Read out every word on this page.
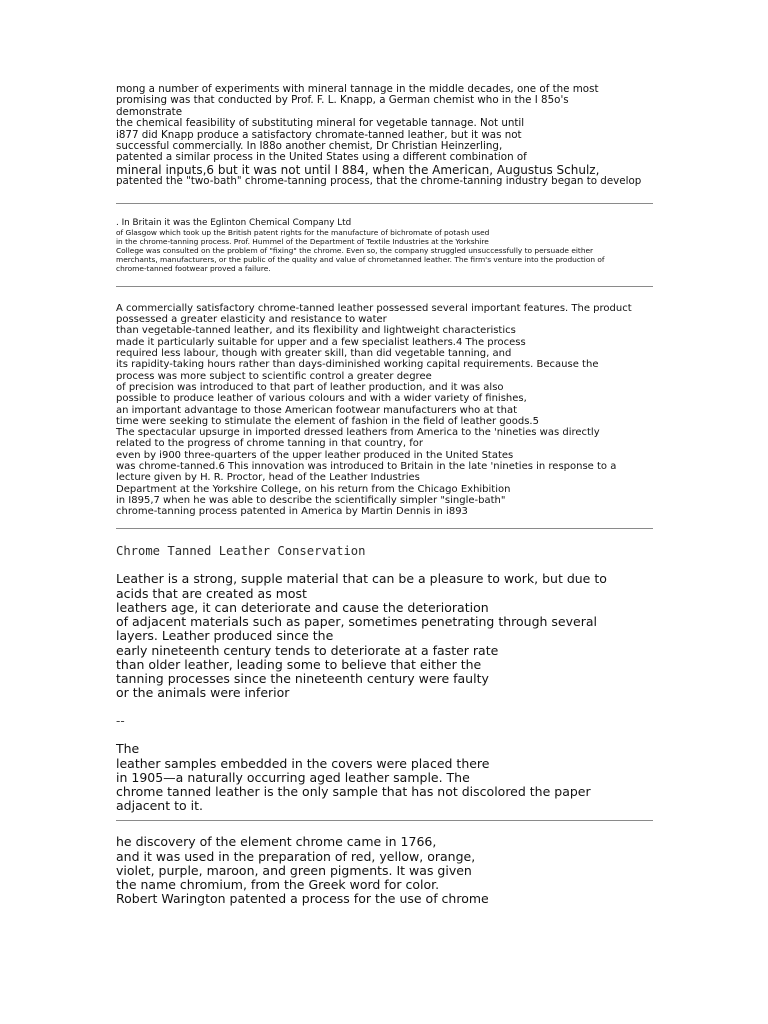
mong a number of experiments with mineral tannage in the middle decades, one of the most
promising was that conducted by Prof. F. L. Knapp, a German chemist who in the I 85o's
demonstrate
the chemical feasibility of substituting mineral for vegetable tannage. Not until
i877 did Knapp produce a satisfactory chromate-tanned leather, but it was not
successful commercially. In I88o another chemist, Dr Christian Heinzerling,
patented a similar process in the United States using a different combination of
mineral inputs,6 but it was not until I 884, when the American, Augustus Schulz,
patented the "two-bath" chrome-tanning process, that the chrome-tanning industry began to develop
. In Britain it was the Eglinton Chemical Company Ltd
of Glasgow which took up the British patent rights for the manufacture of bichromate of potash used
in the chrome-tanning process. Prof. Hummel of the Department of Textile Industries at the Yorkshire
College was consulted on the problem of "fixing" the chrome. Even so, the company struggled unsuccessfully to persuade either
merchants, manufacturers, or the public of the quality and value of chrometanned leather. The firm's venture into the production of
chrome-tanned footwear proved a failure.
A commercially satisfactory chrome-tanned leather possessed several important features. The product
possessed a greater elasticity and resistance to water
than vegetable-tanned leather, and its flexibility and lightweight characteristics
made it particularly suitable for upper and a few specialist leathers.4 The process
required less labour, though with greater skill, than did vegetable tanning, and
its rapidity-taking hours rather than days-diminished working capital requirements. Because the
process was more subject to scientific control a greater degree
of precision was introduced to that part of leather production, and it was also
possible to produce leather of various colours and with a wider variety of finishes,
an important advantage to those American footwear manufacturers who at that
time were seeking to stimulate the element of fashion in the field of leather goods.5
The spectacular upsurge in imported dressed leathers from America to the 'nineties was directly
related to the progress of chrome tanning in that country, for
even by i900 three-quarters of the upper leather produced in the United States
was chrome-tanned.6 This innovation was introduced to Britain in the late 'nineties in response to a
lecture given by H. R. Proctor, head of the Leather Industries
Department at the Yorkshire College, on his return from the Chicago Exhibition
in I895,7 when he was able to describe the scientifically simpler "single-bath"
chrome-tanning process patented in America by Martin Dennis in i893
Chrome Tanned Leather Conservation
Leather is a strong, supple material that can be a pleasure to work, but due to
acids that are created as most
leathers age, it can deteriorate and cause the deterioration
of adjacent materials such as paper, sometimes penetrating through several
layers. Leather produced since the
early nineteenth century tends to deteriorate at a faster rate
than older leather, leading some to believe that either the
tanning processes since the nineteenth century were faulty
or the animals were inferior
--
The
leather samples embedded in the covers were placed there
in 1905—a naturally occurring aged leather sample. The
chrome tanned leather is the only sample that has not discolored the paper
adjacent to it.
he discovery of the element chrome came in 1766,
and it was used in the preparation of red, yellow, orange,
violet, purple, maroon, and green pigments. It was given
the name chromium, from the Greek word for color.
Robert Warington patented a process for the use of chrome
